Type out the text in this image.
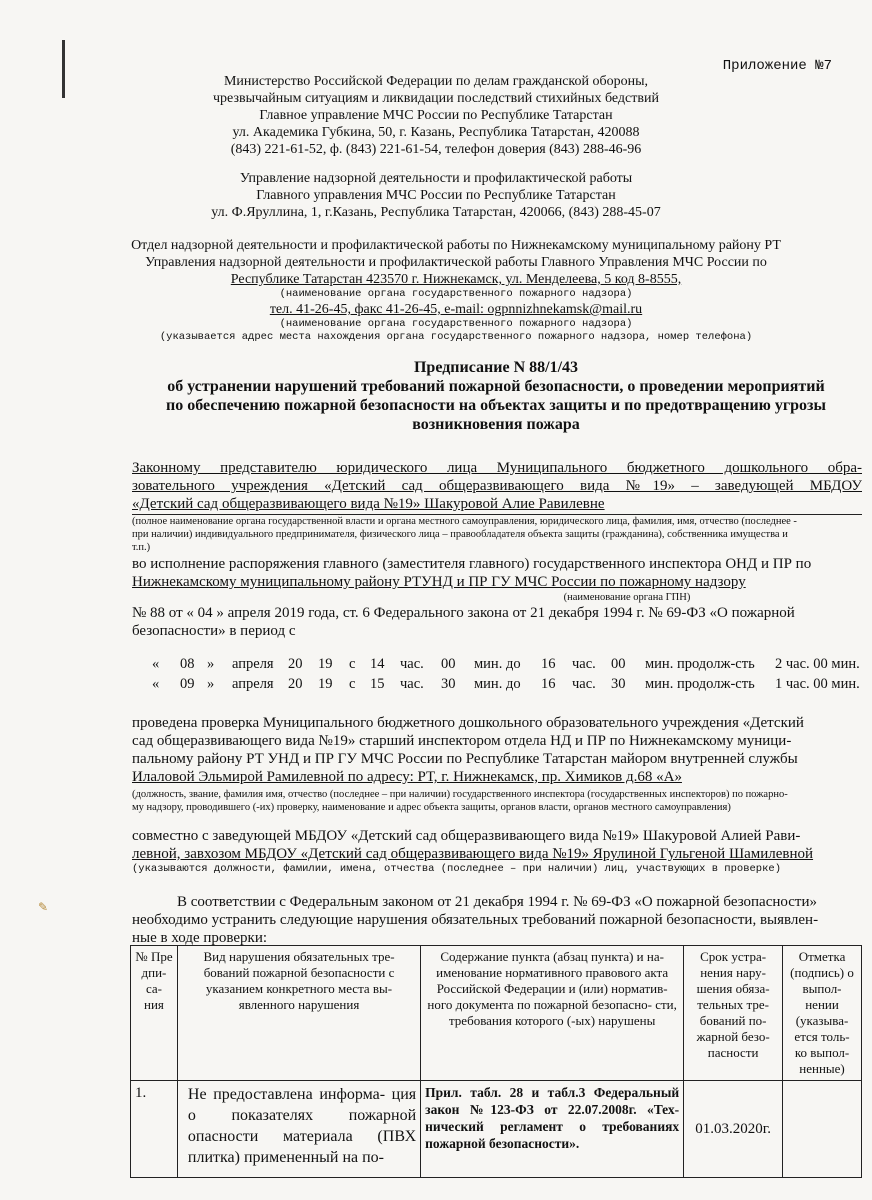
✎
Приложение №7
Министерство Российской Федерации по делам гражданской обороны,
чрезвычайным ситуациям и ликвидации последствий стихийных бедствий
Главное управление МЧС России по Республике Татарстан
ул. Академика Губкина, 50, г. Казань, Республика Татарстан, 420088
(843) 221-61-52, ф. (843) 221-61-54, телефон доверия (843) 288-46-96
Управление надзорной деятельности и профилактической работы
Главного управления МЧС России по Республике Татарстан
ул. Ф.Яруллина, 1, г.Казань, Республика Татарстан, 420066, (843) 288-45-07
Отдел надзорной деятельности и профилактической работы по Нижнекамскому муниципальному району РТ
Управления надзорной деятельности и профилактической работы Главного Управления МЧС России по
Республике Татарстан 423570 г. Нижнекамск, ул. Менделеева, 5 код 8-8555,
(наименование органа государственного пожарного надзора)
тел. 41-26-45, факс 41-26-45, e-mail: ogpnnizhnekamsk@mail.ru
(наименование органа государственного пожарного надзора)
(указывается адрес места нахождения органа государственного пожарного надзора, номер телефона)
Предписание N 88/1/43
об устранении нарушений требований пожарной безопасности, о проведении мероприятий
по обеспечению пожарной безопасности на объектах защиты и по предотвращению угрозы
возникновения пожара
Законному представителю юридического лица Муниципального бюджетного дошкольного обра-
зовательного учреждения «Детский сад общеразвивающего вида №19» – заведующей МБДОУ
«Детский сад общеразвивающего вида №19» Шакуровой Алие Равилевне
(полное наименование органа государственной власти и органа местного самоуправления, юридического лица, фамилия, имя, отчество (последнее -
при наличии) индивидуального предпринимателя, физического лица – правообладателя объекта защиты (гражданина), собственника имущества и
т.п.)
во исполнение распоряжения главного (заместителя главного) государственного инспектора ОНД и ПР по
Нижнекамскому муниципальному району РТУНД и ПР ГУ МЧС России по пожарному надзору
(наименование органа ГПН)
№ 88 от « 04 » апреля 2019 года, ст. 6 Федерального закона от 21 декабря 1994 г. № 69-ФЗ «О пожарной
безопасности» в период с
« 08 » апреля 20 19 с 14 час. 00 мин. до 16 час. 00 мин. продолж-сть 2 час. 00 мин.
« 09 » апреля 20 19 с 15 час. 30 мин. до 16 час. 30 мин. продолж-сть 1 час. 00 мин.
проведена проверка Муниципального бюджетного дошкольного образовательного учреждения «Детский
сад общеразвивающего вида №19» старший инспектором отдела НД и ПР по Нижнекамскому муници-
пальному району РТ УНД и ПР ГУ МЧС России по Республике Татарстан майором внутренней службы
Илаловой Эльмирой Рамилевной по адресу: РТ, г. Нижнекамск, пр. Химиков д.68 «А»
(должность, звание, фамилия имя, отчество (последнее – при наличии) государственного инспектора (государственных инспекторов) по пожарно-
му надзору, проводившего (-их) проверку, наименование и адрес объекта защиты, органов власти, органов местного самоуправления)
совместно с заведующей МБДОУ «Детский сад общеразвивающего вида №19» Шакуровой Алией Рави-
левной, завхозом МБДОУ «Детский сад общеразвивающего вида №19» Ярулиной Гульгеной Шамилевной
(указываются должности, фамилии, имена, отчества (последнее – при наличии) лиц, участвующих в проверке)
В соответствии с Федеральным законом от 21 декабря 1994 г. № 69-ФЗ «О пожарной безопасности»
необходимо устранить следующие нарушения обязательных требований пожарной безопасности, выявлен-
ные в ходе проверки:
№ Пре дпи- са- ния	Вид нарушения обязательных тре- бований пожарной безопасности с указанием конкретного места вы- явленного нарушения	Содержание пункта (абзац пункта) и на- именование нормативного правового акта Российской Федерации и (или) норматив- ного документа по пожарной безопасно- сти, требования которого (-ых) нарушены	Срок устра- нения нару- шения обяза- тельных тре- бований по- жарной безо- пасности	Отметка (подпись) о выпол- нении (указыва- ется толь- ко выпол- ненные)
1.	Не предоставлена информа- ция о показателях пожарной опасности материала (ПВХ плитка) примененный на по-	Прил. табл. 28 и табл.3 Федеральный закон №123-ФЗ от 22.07.2008г. «Тех- нический регламент о требованиях пожарной безопасности».	01.03.2020г.	
